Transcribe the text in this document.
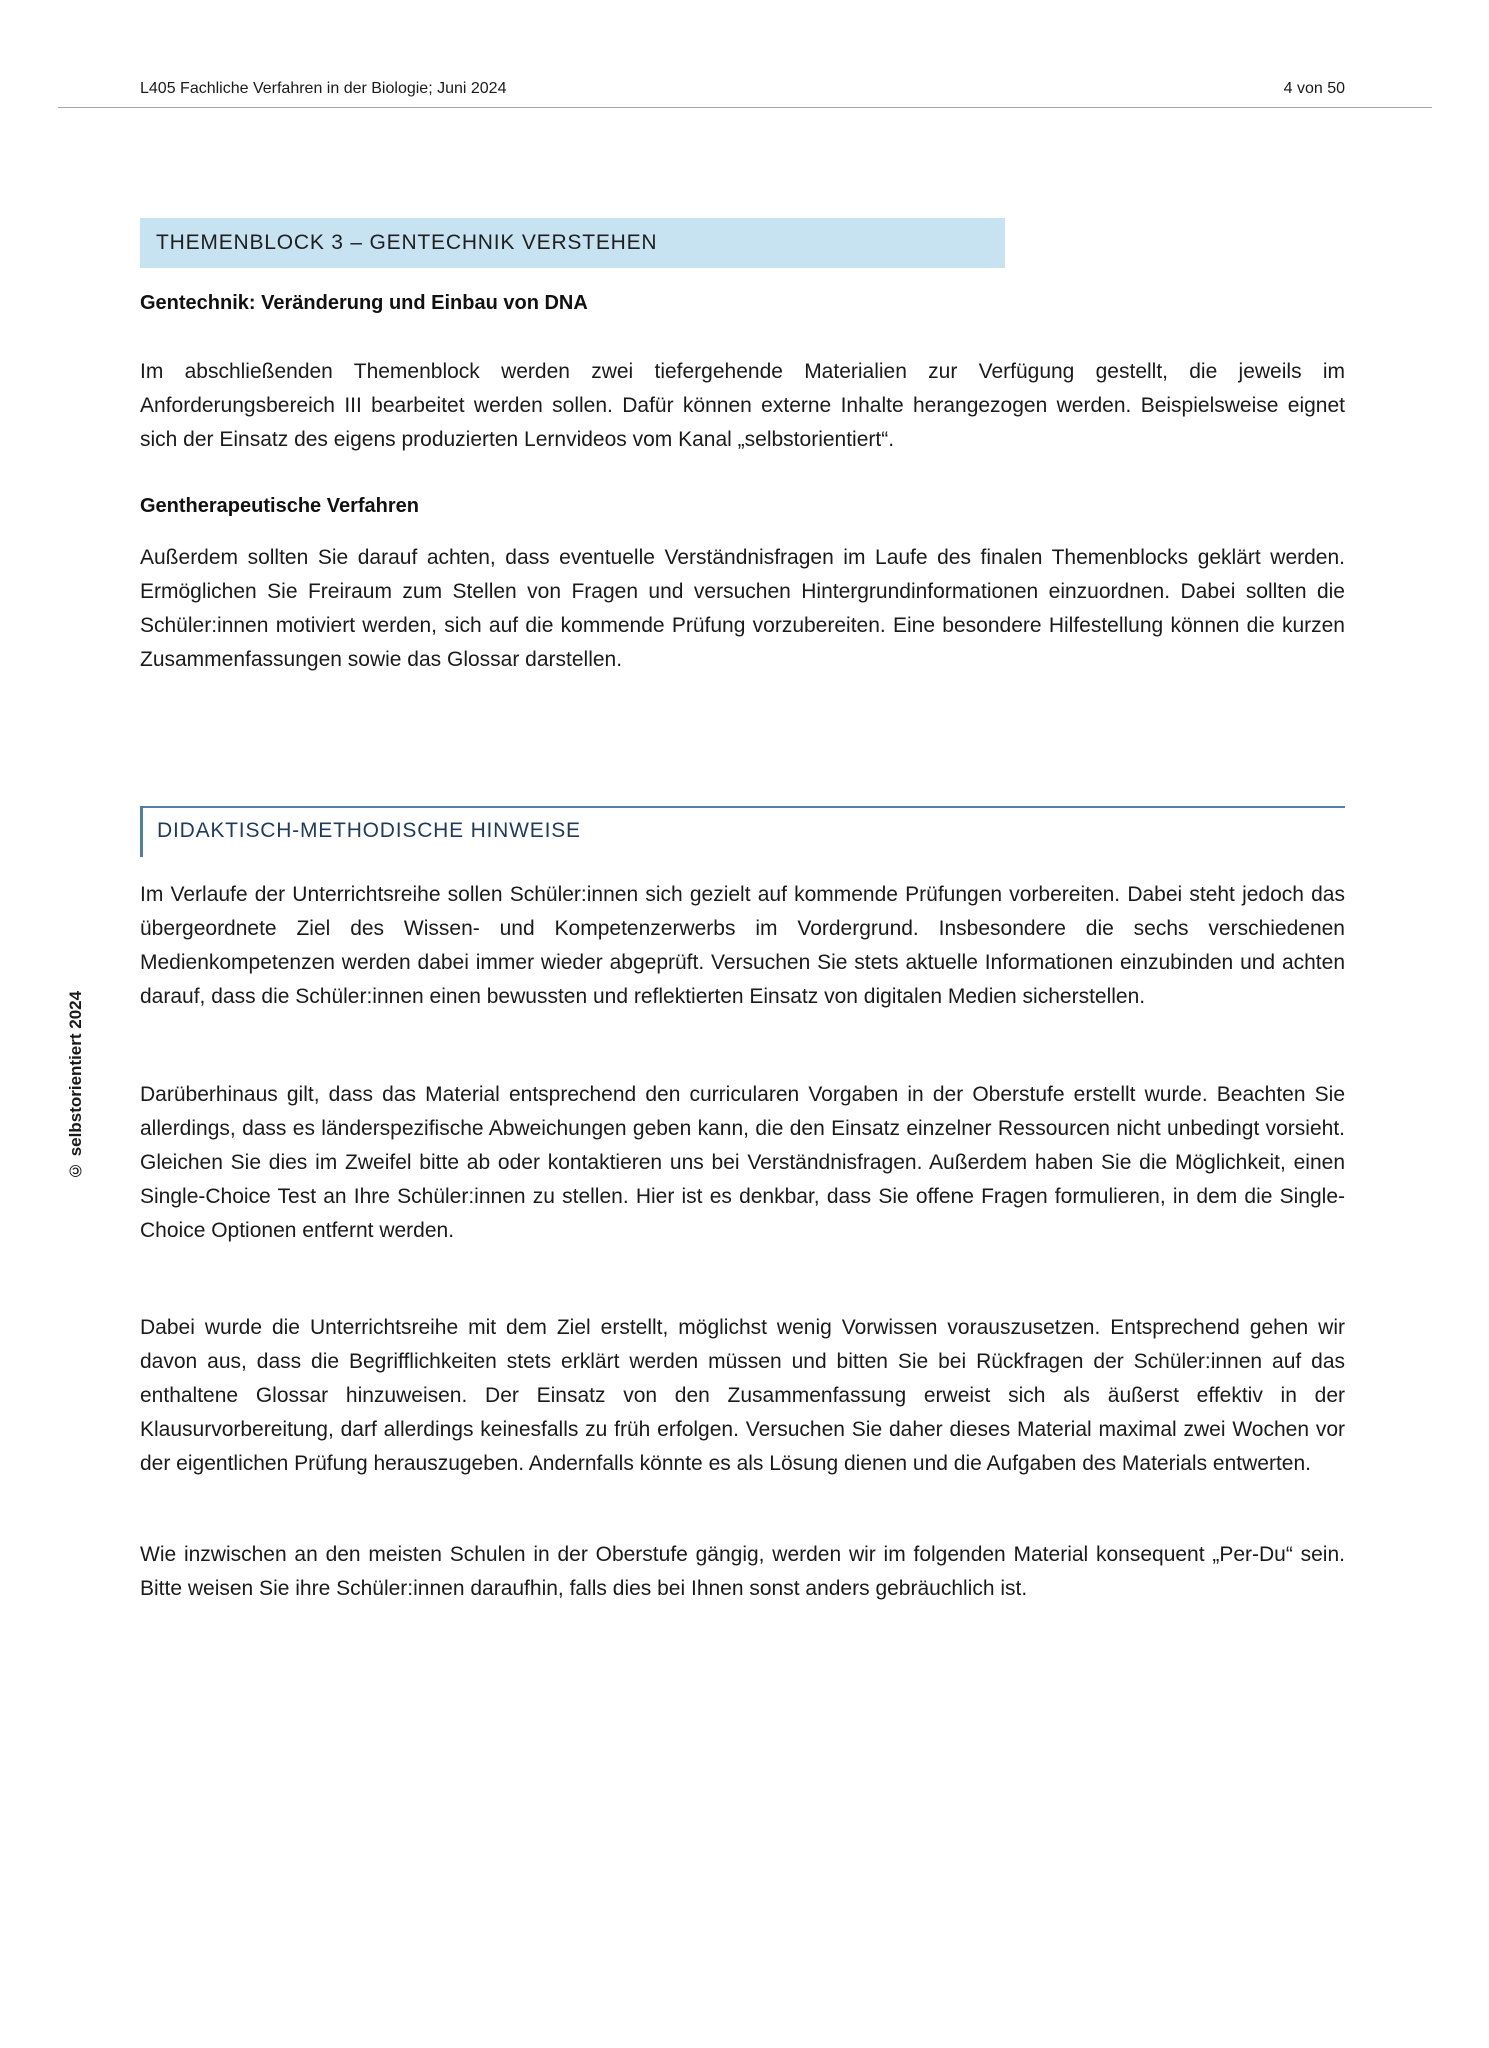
L405 Fachliche Verfahren in der Biologie; Juni 2024	4 von 50
© selbstorientiert 2024
THEMENBLOCK 3 – GENTECHNIK VERSTEHEN
Gentechnik: Veränderung und Einbau von DNA

Im abschließenden Themenblock werden zwei tiefergehende Materialien zur Verfügung gestellt, die jeweils im Anforderungsbereich III bearbeitet werden sollen. Dafür können externe Inhalte herangezogen werden. Beispielsweise eignet sich der Einsatz des eigens produzierten Lernvideos vom Kanal „selbstorientiert“.

Gentherapeutische Verfahren

Außerdem sollten Sie darauf achten, dass eventuelle Verständnisfragen im Laufe des finalen Themenblocks geklärt werden. Ermöglichen Sie Freiraum zum Stellen von Fragen und versuchen Hintergrundinformationen einzuordnen. Dabei sollten die Schüler:innen motiviert werden, sich auf die kommende Prüfung vorzubereiten. Eine besondere Hilfestellung können die kurzen Zusammenfassungen sowie das Glossar darstellen.

DIDAKTISCH-METHODISCHE HINWEISE

Im Verlaufe der Unterrichtsreihe sollen Schüler:innen sich gezielt auf kommende Prüfungen vorbereiten. Dabei steht jedoch das übergeordnete Ziel des Wissen- und Kompetenzerwerbs im Vordergrund. Insbesondere die sechs verschiedenen Medienkompetenzen werden dabei immer wieder abgeprüft. Versuchen Sie stets aktuelle Informationen einzubinden und achten darauf, dass die Schüler:innen einen bewussten und reflektierten Einsatz von digitalen Medien sicherstellen.

Darüberhinaus gilt, dass das Material entsprechend den curricularen Vorgaben in der Oberstufe erstellt wurde. Beachten Sie allerdings, dass es länderspezifische Abweichungen geben kann, die den Einsatz einzelner Ressourcen nicht unbedingt vorsieht. Gleichen Sie dies im Zweifel bitte ab oder kontaktieren uns bei Verständnisfragen. Außerdem haben Sie die Möglichkeit, einen Single-Choice Test an Ihre Schüler:innen zu stellen. Hier ist es denkbar, dass Sie offene Fragen formulieren, in dem die Single-Choice Optionen entfernt werden.

Dabei wurde die Unterrichtsreihe mit dem Ziel erstellt, möglichst wenig Vorwissen vorauszusetzen. Entsprechend gehen wir davon aus, dass die Begrifflichkeiten stets erklärt werden müssen und bitten Sie bei Rückfragen der Schüler:innen auf das enthaltene Glossar hinzuweisen. Der Einsatz von den Zusammenfassung erweist sich als äußerst effektiv in der Klausurvorbereitung, darf allerdings keinesfalls zu früh erfolgen. Versuchen Sie daher dieses Material maximal zwei Wochen vor der eigentlichen Prüfung herauszugeben. Andernfalls könnte es als Lösung dienen und die Aufgaben des Materials entwerten.

Wie inzwischen an den meisten Schulen in der Oberstufe gängig, werden wir im folgenden Material konsequent „Per-Du“ sein. Bitte weisen Sie ihre Schüler:innen daraufhin, falls dies bei Ihnen sonst anders gebräuchlich ist.
